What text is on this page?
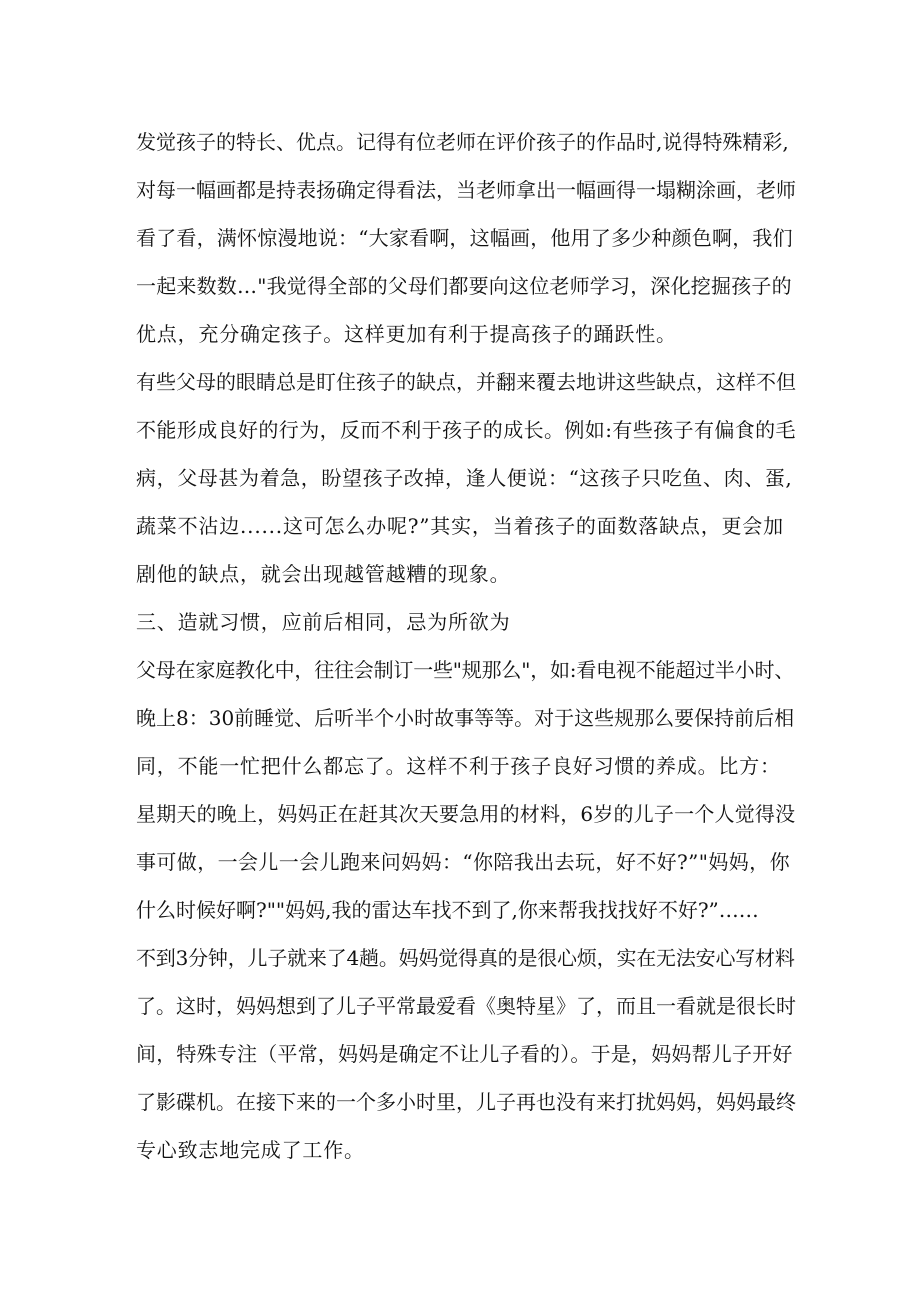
发觉孩子的特长、优点。记得有位老师在评价孩子的作品时,说得特殊精彩,
对每一幅画都是持表扬确定得看法，当老师拿出一幅画得一塌糊涂画，老师
看了看，满怀惊漫地说：“大家看啊，这幅画，他用了多少种颜色啊，我们
一起来数数…"我觉得全部的父母们都要向这位老师学习，深化挖掘孩子的
优点，充分确定孩子。这样更加有利于提高孩子的踊跃性。
有些父母的眼睛总是盯住孩子的缺点，并翻来覆去地讲这些缺点，这样不但
不能形成良好的行为，反而不利于孩子的成长。例如:有些孩子有偏食的毛
病，父母甚为着急，盼望孩子改掉，逢人便说：“这孩子只吃鱼、肉、蛋,
蔬菜不沾边......这可怎么办呢?”其实，当着孩子的面数落缺点，更会加
剧他的缺点，就会出现越管越糟的现象。
三、造就习惯，应前后相同，忌为所欲为
父母在家庭教化中，往往会制订一些"规那么"，如:看电视不能超过半小时、
晚上8：30前睡觉、后听半个小时故事等等。对于这些规那么要保持前后相
同，不能一忙把什么都忘了。这样不利于孩子良好习惯的养成。比方：
星期天的晚上，妈妈正在赶其次天要急用的材料，6岁的儿子一个人觉得没
事可做，一会儿一会儿跑来问妈妈：“你陪我出去玩，好不好?”"妈妈，你
什么时候好啊?""妈妈,我的雷达车找不到了,你来帮我找找好不好?”……
不到3分钟，儿子就来了4趟。妈妈觉得真的是很心烦，实在无法安心写材料
了。这时，妈妈想到了儿子平常最爱看《奥特星》了，而且一看就是很长时
间，特殊专注（平常，妈妈是确定不让儿子看的）。于是，妈妈帮儿子开好
了影碟机。在接下来的一个多小时里，儿子再也没有来打扰妈妈，妈妈最终
专心致志地完成了工作。
